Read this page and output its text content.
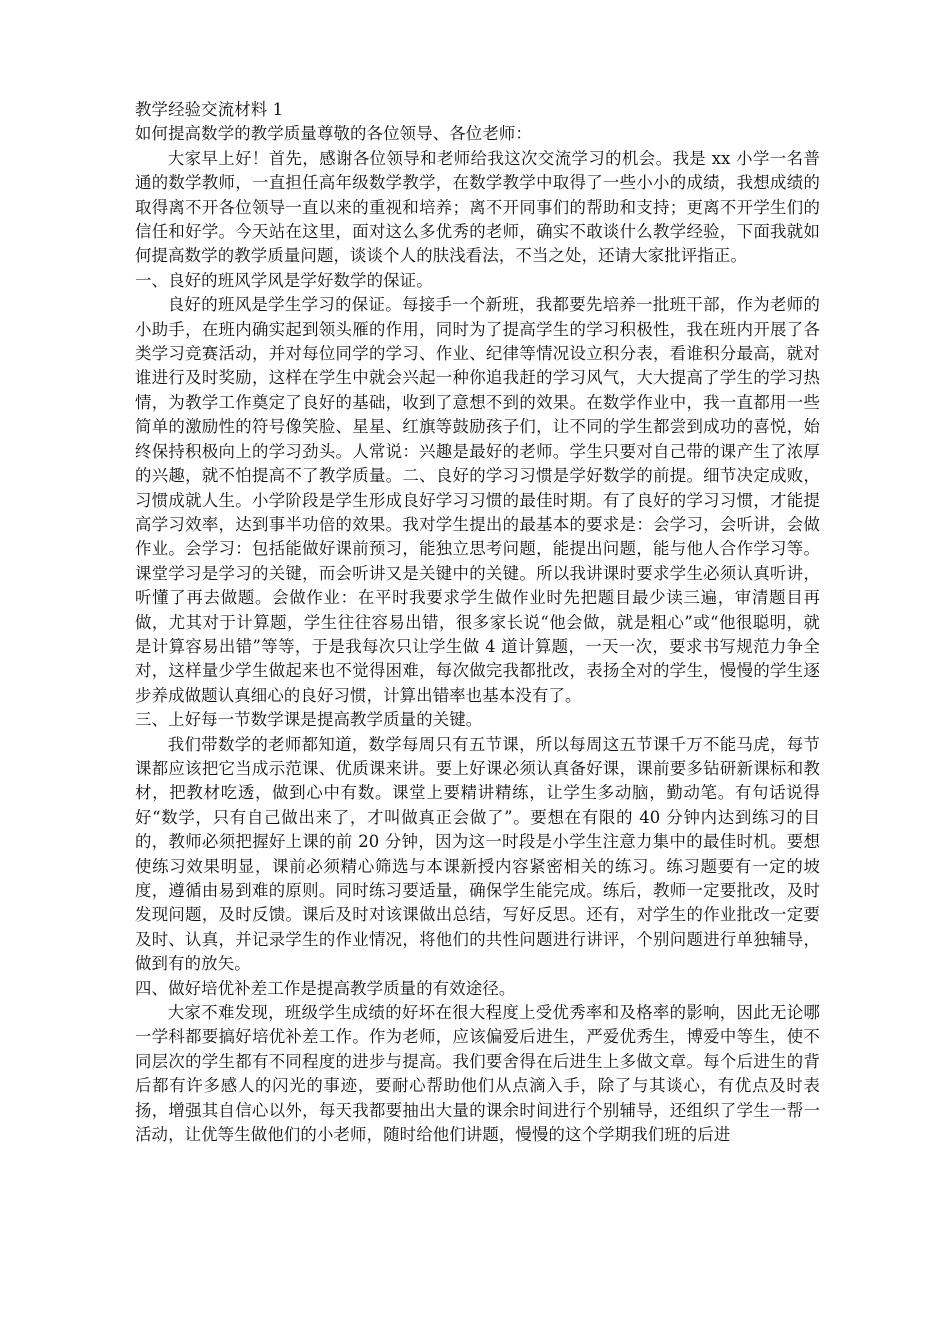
教学经验交流材料 1

如何提高数学的教学质量尊敬的各位领导、各位老师：

大家早上好！首先，感谢各位领导和老师给我这次交流学习的机会。我是 xx 小学一名普通的数学教师，一直担任高年级数学教学，在数学教学中取得了一些小小的成绩，我想成绩的取得离不开各位领导一直以来的重视和培养；离不开同事们的帮助和支持；更离不开学生们的信任和好学。今天站在这里，面对这么多优秀的老师，确实不敢谈什么教学经验，下面我就如何提高数学的教学质量问题，谈谈个人的肤浅看法，不当之处，还请大家批评指正。

一、良好的班风学风是学好数学的保证。

良好的班风是学生学习的保证。每接手一个新班，我都要先培养一批班干部，作为老师的小助手，在班内确实起到领头雁的作用，同时为了提高学生的学习积极性，我在班内开展了各类学习竞赛活动，并对每位同学的学习、作业、纪律等情况设立积分表，看谁积分最高，就对谁进行及时奖励，这样在学生中就会兴起一种你追我赶的学习风气，大大提高了学生的学习热情，为教学工作奠定了良好的基础，收到了意想不到的效果。在数学作业中，我一直都用一些简单的激励性的符号像笑脸、星星、红旗等鼓励孩子们，让不同的学生都尝到成功的喜悦，始终保持积极向上的学习劲头。人常说：兴趣是最好的老师。学生只要对自己带的课产生了浓厚的兴趣，就不怕提高不了教学质量。二、良好的学习习惯是学好数学的前提。细节决定成败，习惯成就人生。小学阶段是学生形成良好学习习惯的最佳时期。有了良好的学习习惯，才能提高学习效率，达到事半功倍的效果。我对学生提出的最基本的要求是：会学习，会听讲，会做作业。会学习：包括能做好课前预习，能独立思考问题，能提出问题，能与他人合作学习等。课堂学习是学习的关键，而会听讲又是关键中的关键。所以我讲课时要求学生必须认真听讲，听懂了再去做题。会做作业：在平时我要求学生做作业时先把题目最少读三遍，审清题目再做，尤其对于计算题，学生往往容易出错，很多家长说“他会做，就是粗心”或“他很聪明，就是计算容易出错”等等，于是我每次只让学生做 4 道计算题，一天一次，要求书写规范力争全对，这样量少学生做起来也不觉得困难，每次做完我都批改，表扬全对的学生，慢慢的学生逐步养成做题认真细心的良好习惯，计算出错率也基本没有了。

三、上好每一节数学课是提高教学质量的关键。

我们带数学的老师都知道，数学每周只有五节课，所以每周这五节课千万不能马虎，每节课都应该把它当成示范课、优质课来讲。要上好课必须认真备好课，课前要多钻研新课标和教材，把教材吃透，做到心中有数。课堂上要精讲精练，让学生多动脑，勤动笔。有句话说得好“数学，只有自己做出来了，才叫做真正会做了”。要想在有限的 40 分钟内达到练习的目的，教师必须把握好上课的前 20 分钟，因为这一时段是小学生注意力集中的最佳时机。要想使练习效果明显，课前必须精心筛选与本课新授内容紧密相关的练习。练习题要有一定的坡度，遵循由易到难的原则。同时练习要适量，确保学生能完成。练后，教师一定要批改，及时发现问题，及时反馈。课后及时对该课做出总结，写好反思。还有，对学生的作业批改一定要及时、认真，并记录学生的作业情况，将他们的共性问题进行讲评，个别问题进行单独辅导，做到有的放矢。

四、做好培优补差工作是提高教学质量的有效途径。

大家不难发现，班级学生成绩的好坏在很大程度上受优秀率和及格率的影响，因此无论哪一学科都要搞好培优补差工作。作为老师，应该偏爱后进生，严爱优秀生，博爱中等生，使不同层次的学生都有不同程度的进步与提高。我们要舍得在后进生上多做文章。每个后进生的背后都有许多感人的闪光的事迹，要耐心帮助他们从点滴入手，除了与其谈心，有优点及时表扬，增强其自信心以外，每天我都要抽出大量的课余时间进行个别辅导，还组织了学生一帮一活动，让优等生做他们的小老师，随时给他们讲题，慢慢的这个学期我们班的后进
